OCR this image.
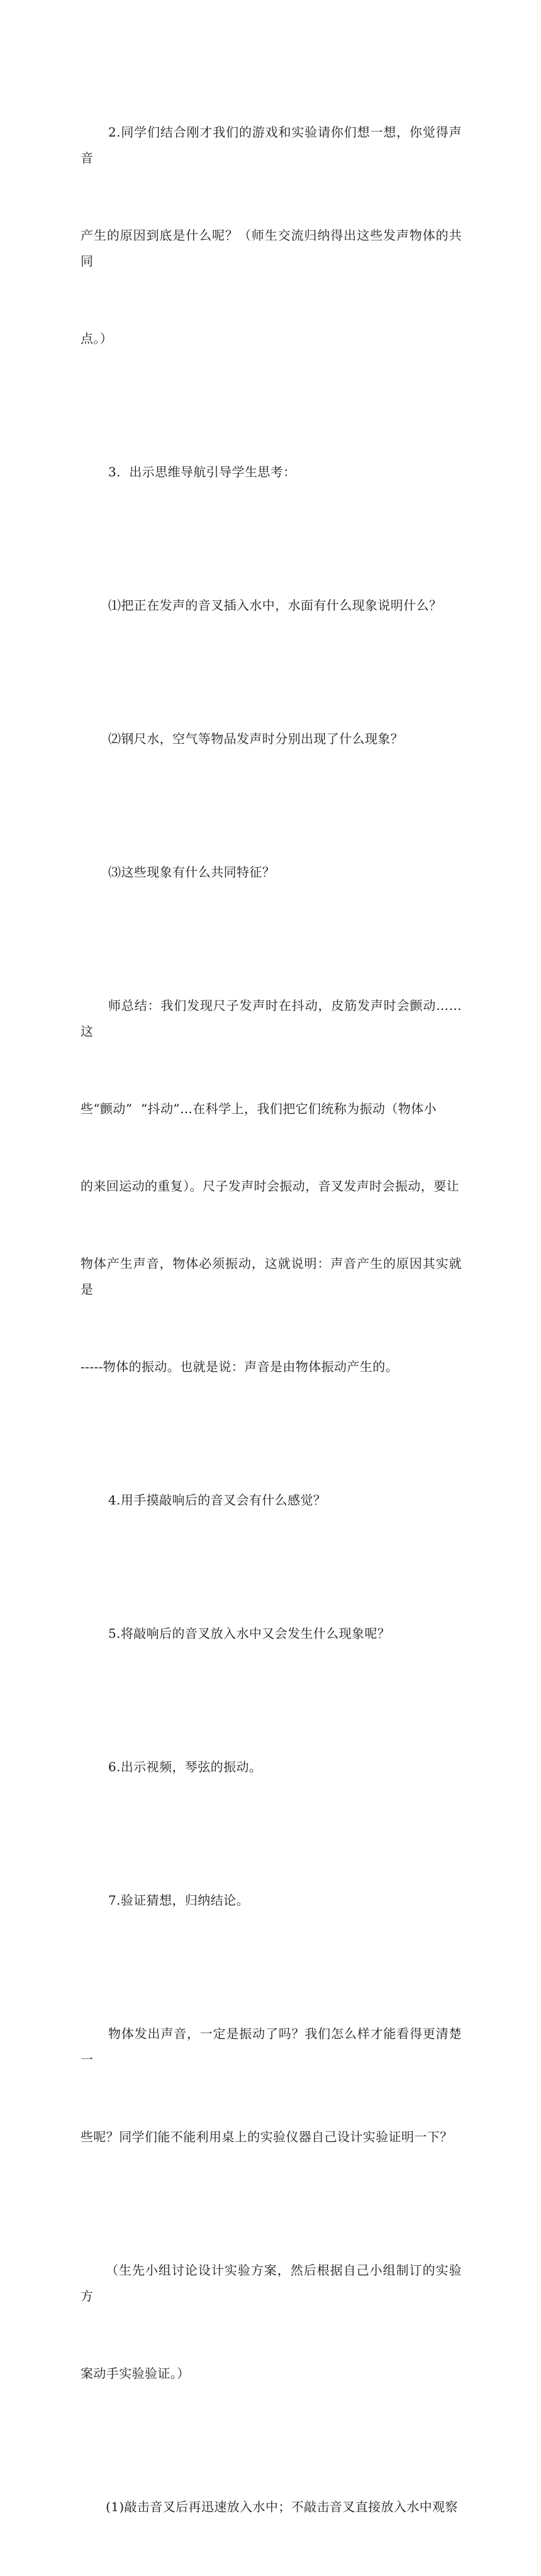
2.同学们结合刚才我们的游戏和实验请你们想一想，你觉得声音

产生的原因到底是什么呢？（师生交流归纳得出这些发声物体的共同

点。）

3.  出示思维导航引导学生思考：

⑴把正在发声的音叉插入水中，水面有什么现象说明什么？

⑵钢尺水，空气等物品发声时分别出现了什么现象？

⑶这些现象有什么共同特征？

师总结：我们发现尺子发声时在抖动，皮筋发声时会颤动……这

些“颤动”  “抖动”…在科学上，我们把它们统称为振动（物体小

的来回运动的重复）。尺子发声时会振动，音叉发声时会振动，要让

物体产生声音，物体必须振动，这就说明：声音产生的原因其实就是

-----物体的振动。也就是说：声音是由物体振动产生的。

4.用手摸敲响后的音叉会有什么感觉？

5.将敲响后的音叉放入水中又会发生什么现象呢？

6.出示视频，琴弦的振动。

7.验证猜想，归纳结论。

物体发出声音，一定是振动了吗？我们怎么样才能看得更清楚一

些呢？同学们能不能利用桌上的实验仪器自己设计实验证明一下？

（生先小组讨论设计实验方案，然后根据自己小组制订的实验方

案动手实验验证。）

(1)敲击音叉后再迅速放入水中；不敲击音叉直接放入水中观察
